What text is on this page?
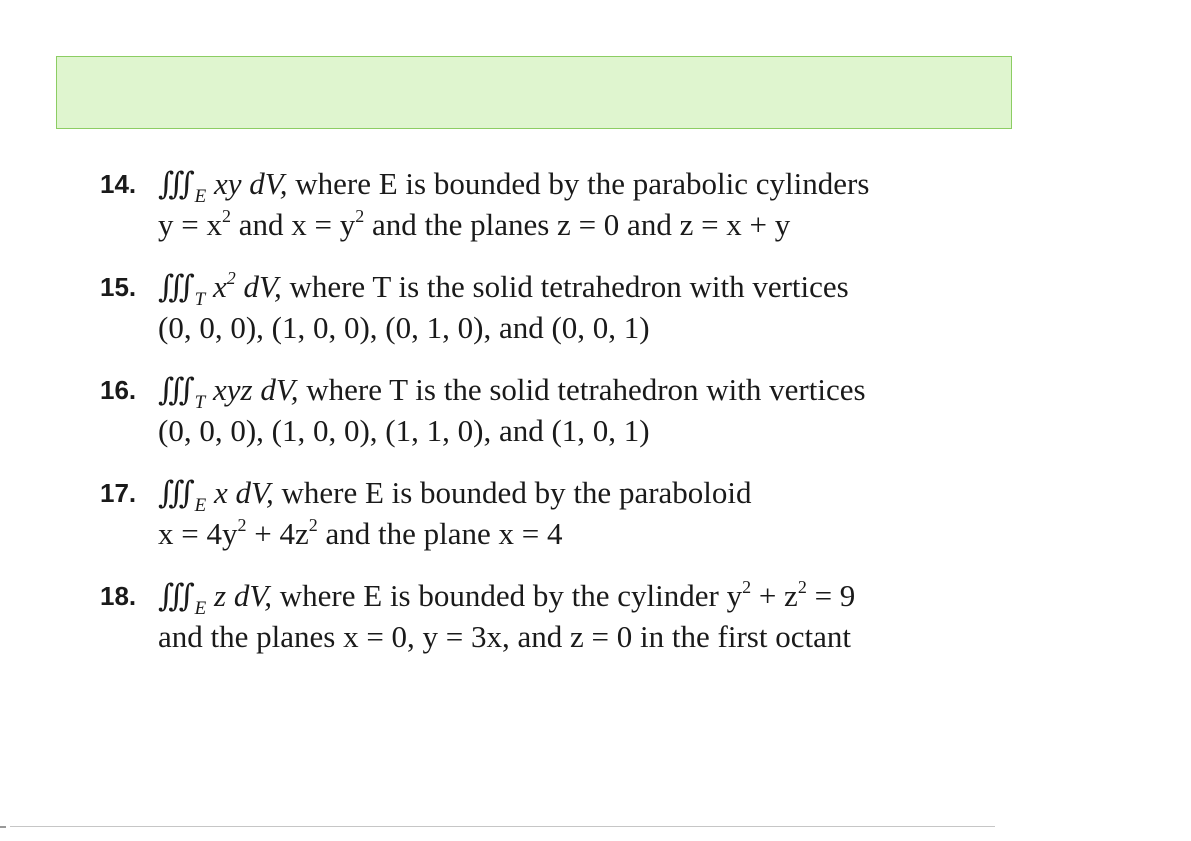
14. $∭_E$ xy dV, where E is bounded by the parabolic cylinders
$y = x^2$ and $x = y^2$ and the planes z = 0 and z = x + y
15. $∭_T$ $x^2$ dV, where T is the solid tetrahedron with vertices
(0, 0, 0), (1, 0, 0), (0, 1, 0), and (0, 0, 1)
16. $∭_T$ xyz dV, where T is the solid tetrahedron with vertices
(0, 0, 0), (1, 0, 0), (1, 1, 0), and (1, 0, 1)
17. $∭_E$ x dV, where E is bounded by the paraboloid
$x = 4y^2 + 4z^2$ and the plane x = 4
18. $∭_E$ z dV, where E is bounded by the cylinder $y^2 + z^2 = 9$
and the planes x = 0, y = 3x, and z = 0 in the first octant
